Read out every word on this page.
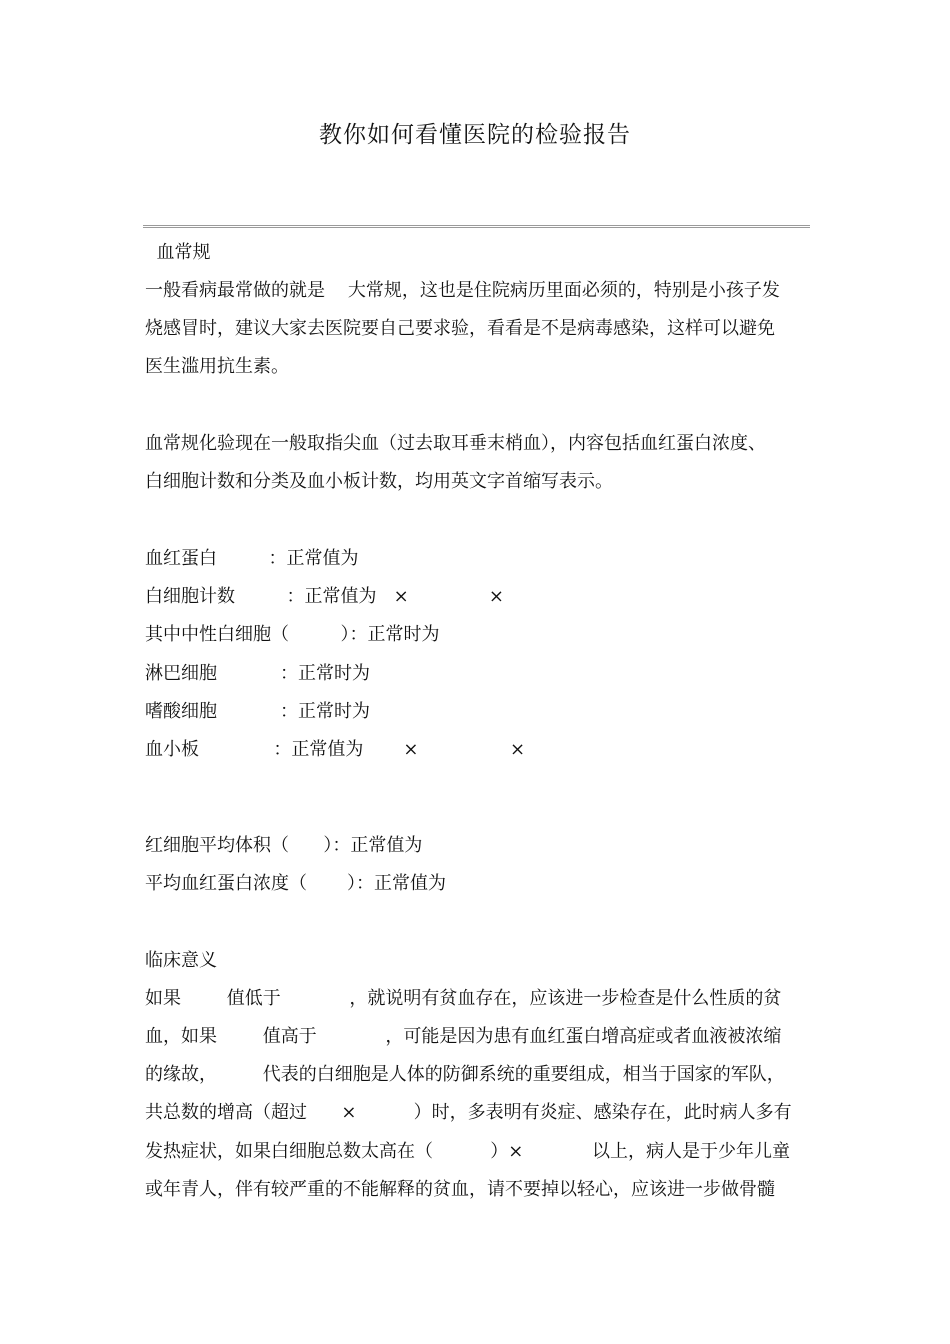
教你如何看懂医院的检验报告
血常规
一般看病最常做的就是    大常规，这也是住院病历里面必须的，特别是小孩子发
烧感冒时，建议大家去医院要自己要求验，看看是不是病毒感染，这样可以避免
医生滥用抗生素。
血常规化验现在一般取指尖血（过去取耳垂末梢血），内容包括血红蛋白浓度、
白细胞计数和分类及血小板计数，均用英文字首缩写表示。
血红蛋白         ：正常值为
白细胞计数         ：正常值为   ×              ×
其中中性白细胞（         ）：正常时为
淋巴细胞           ：正常时为
嗜酸细胞           ：正常时为
血小板             ：正常值为       ×                ×
红细胞平均体积（      ）：正常值为
平均血红蛋白浓度（       ）：正常值为
临床意义
如果        值低于            ，就说明有贫血存在，应该进一步检查是什么性质的贫
血，如果        值高于            ，可能是因为患有血红蛋白增高症或者血液被浓缩
的缘故，        代表的白细胞是人体的防御系统的重要组成，相当于国家的军队，
共总数的增高（超过      ×          ）时，多表明有炎症、感染存在，此时病人多有
发热症状，如果白细胞总数太高在（          ）×            以上，病人是于少年儿童
或年青人，伴有较严重的不能解释的贫血，请不要掉以轻心，应该进一步做骨髓
